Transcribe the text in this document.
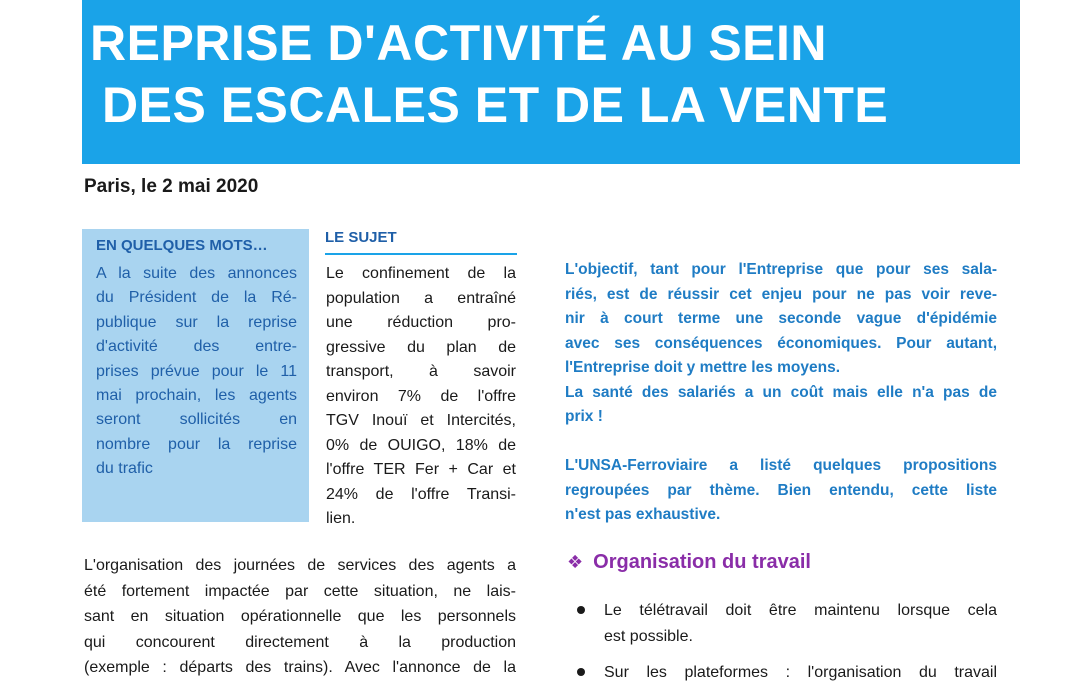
REPRISE D'ACTIVITÉ AU SEIN
DES ESCALES ET DE LA VENTE
Paris, le 2 mai 2020
EN QUELQUES MOTS…
A la suite des annonces
du Président de la Ré-
publique sur la reprise
d'activité des entre-
prises prévue pour le 11
mai prochain, les agents
seront sollicités en
nombre pour la reprise
du trafic
LE SUJET
Le confinement de la
population a entraîné
une réduction pro-
gressive du plan de
transport, à savoir
environ 7% de l'offre
TGV Inouï et Intercités,
0% de OUIGO, 18% de
l'offre TER Fer + Car et
24% de l'offre Transi-
lien.
L'organisation des journées de services des agents a
été fortement impactée par cette situation, ne lais-
sant en situation opérationnelle que les personnels
qui concourent directement à la production
(exemple : départs des trains). Avec l'annonce de la
L'objectif, tant pour l'Entreprise que pour ses sala-
riés, est de réussir cet enjeu pour ne pas voir reve-
nir à court terme une seconde vague d'épidémie
avec ses conséquences économiques. Pour autant,
l'Entreprise doit y mettre les moyens.
La santé des salariés a un coût mais elle n'a pas de
prix !
L'UNSA-Ferroviaire a listé quelques propositions
regroupées par thème. Bien entendu, cette liste
n'est pas exhaustive.
❖ Organisation du travail
Le télétravail doit être maintenu lorsque cela
est possible.
Sur les plateformes : l'organisation du travail
